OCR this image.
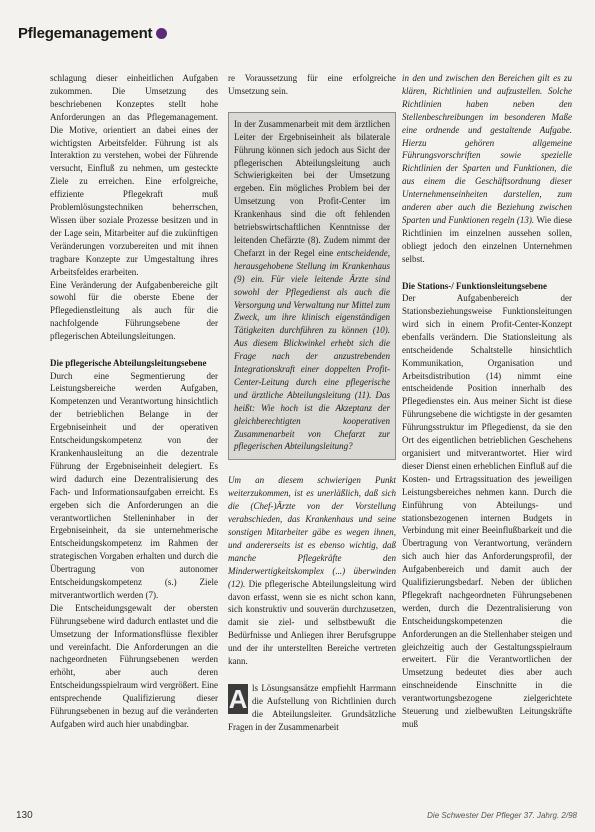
Pflegemanagement

schlagung dieser einheitlichen Aufgaben zukommen. Die Umsetzung des beschriebenen Konzeptes stellt hohe Anforderungen an das Pflegemanagement. Die Motive, orientiert an dabei eines der wichtigsten Arbeitsfelder. Führung ist als Interaktion zu verstehen, wobei der Führende versucht, Einfluß zu nehmen, um gesteckte Ziele zu erreichen. Eine erfolgreiche, effiziente Pflegekraft muß Problemlösungstechniken beherrschen, Wissen über soziale Prozesse besitzen und in der Lage sein, Mitarbeiter auf die zukünftigen Veränderungen vorzubereiten und mit ihnen tragbare Konzepte zur Umgestaltung ihres Arbeitsfeldes erarbeiten.

Eine Veränderung der Aufgabenbereiche gilt sowohl für die oberste Ebene der Pflegedienstleitung als auch für die nachfolgende Führungsebene der pflegerischen Abteilungsleitungen.

Die pflegerische Abteilungsleitungsebene

Durch eine Segmentierung der Leistungsbereiche werden Aufgaben, Kompetenzen und Verantwortung hinsichtlich der betrieblichen Belange in der Ergebniseinheit und der operativen Entscheidungskompetenz von der Krankenhausleitung an die dezentrale Führung der Ergebniseinheit delegiert. Es wird dadurch eine Dezentralisierung des Fach- und Informationsaufgaben erreicht. Es ergeben sich die Anforderungen an die verantwortlichen Stelleninhaber in der Ergebniseinheit, da sie unternehmerische Entscheidungskompetenz im Rahmen der strategischen Vorgaben erhalten und durch die Übertragung von autonomer Entscheidungskompetenz (s.) Ziele mitverantwortlich werden (7).

Die Entscheidungsgewalt der obersten Führungsebene wird dadurch entlastet und die Umsetzung der Informationsflüsse flexibler und vereinfacht. Die Anforderungen an die nachgeordneten Führungsebenen werden erhöht, aber auch deren Entscheidungsspielraum wird vergrößert. Eine entsprechende Qualifizierung dieser Führungsebenen in bezug auf die veränderten Aufgaben wird auch hier unabdingbar.

re Voraussetzung für eine erfolgreiche Umsetzung sein.

In der Zusammenarbeit mit dem ärztlichen Leiter der Ergebniseinheit als bilaterale Führung können sich jedoch aus Sicht der pflegerischen Abteilungsleitung auch Schwierigkeiten bei der Umsetzung ergeben. Ein mögliches Problem bei der Umsetzung von Profit-Center im Krankenhaus sind die oft fehlenden betriebswirtschaftlichen Kenntnisse der leitenden Chefärzte (8). Zudem nimmt der Chefarzt in der Regel eine entscheidende, herausgehobene Stellung im Krankenhaus (9) ein. Für viele leitende Ärzte sind sowohl der Pflegedienst als auch die Versorgung und Verwaltung nur Mittel zum Zweck, um ihre klinisch eigenständigen Tätigkeiten durchführen zu können (10). Aus diesem Blickwinkel erhebt sich die Frage nach der anzustrebenden Integrationskraft einer doppelten Profit-Center-Leitung durch eine pflegerische und ärztliche Abteilungsleitung (11). Das heißt: Wie hoch ist die Akzeptanz der gleichberechtigten kooperativen Zusammenarbeit von Chefarzt zur pflegerischen Abteilungsleitung?

Um an diesem schwierigen Punkt weiterzukommen, ist es unerläßlich, daß sich die (Chef-)Ärzte von der Vorstellung verabschieden, das Krankenhaus und seine sonstigen Mitarbeiter gäbe es wegen ihnen, und andererseits ist es ebenso wichtig, daß manche Pflegekräfte den Minderwertigkeitskomplex (...) überwinden (12). Die pflegerische Abteilungsleitung wird davon erfasst, wenn sie es nicht schon kann, sich konstruktiv und souverän durchzusetzen, damit sie ziel- und selbstbewußt die Bedürfnisse und Anliegen ihrer Berufsgruppe und der ihr unterstellten Bereiche vertreten kann.

A ls Lösungsansätze empfiehlt Harrmann die Aufstellung von Richtlinien durch die Abteilungsleiter. Grundsätzliche Fragen in der Zusammenarbeit

in den und zwischen den Bereichen gilt es zu klären, Richtlinien und aufzustellen. Solche Richtlinien haben neben den Stellenbeschreibungen im besonderen Maße eine ordnende und gestaltende Aufgabe. Hierzu gehören allgemeine Führungsvorschriften sowie spezielle Richtlinien der Sparten und Funktionen, die aus einem die Geschäftsordnung dieser Unternehmenseinheiten darstellen, zum anderen aber auch die Beziehung zwischen Sparten und Funktionen regeln (13). Wie diese Richtlinien im einzelnen aussehen sollen, obliegt jedoch den einzelnen Unternehmen selbst.

Die Stations-/ Funktionsleitungsebene

Der Aufgabenbereich der Stationsbeziehungsweise Funktionsleitungen wird sich in einem Profit-Center-Konzept ebenfalls verändern. Die Stationsleitung als entscheidende Schaltstelle hinsichtlich Kommunikation, Organisation und Arbeitsdistribution (14) nimmt eine entscheidende Position innerhalb des Pflegedienstes ein. Aus meiner Sicht ist diese Führungsebene die wichtigste in der gesamten Führungsstruktur im Pflegedienst, da sie den Ort des eigentlichen betrieblichen Geschehens organisiert und mitverantwortet. Hier wird dieser Dienst einen erheblichen Einfluß auf die Kosten- und Ertragssituation des jeweiligen Leistungsbereiches nehmen kann. Durch die Einführung von Abteilungs- und stationsbezogenen internen Budgets in Verbindung mit einer Beeinflußbarkeit und die Übertragung von Verantwortung, verändern sich auch hier das Anforderungsprofil, der Aufgabenbereich und damit auch der Qualifizierungsbedarf. Neben der üblichen Pflegekraft nachgeordneten Führungsebenen werden, durch die Dezentralisierung von Entscheidungskompetenzen die Anforderungen an die Stellenhaber steigen und gleichzeitig auch der Gestaltungsspielraum erweitert. Für die Verantwortlichen der Umsetzung bedeutet dies aber auch einschneidende Einschnitte in die verantwortungsbezogene zielgerichtete Steuerung und zielbewußten Leitungskräfte muß

130	Die Schwester Der Pfleger 37. Jahrg. 2/98
